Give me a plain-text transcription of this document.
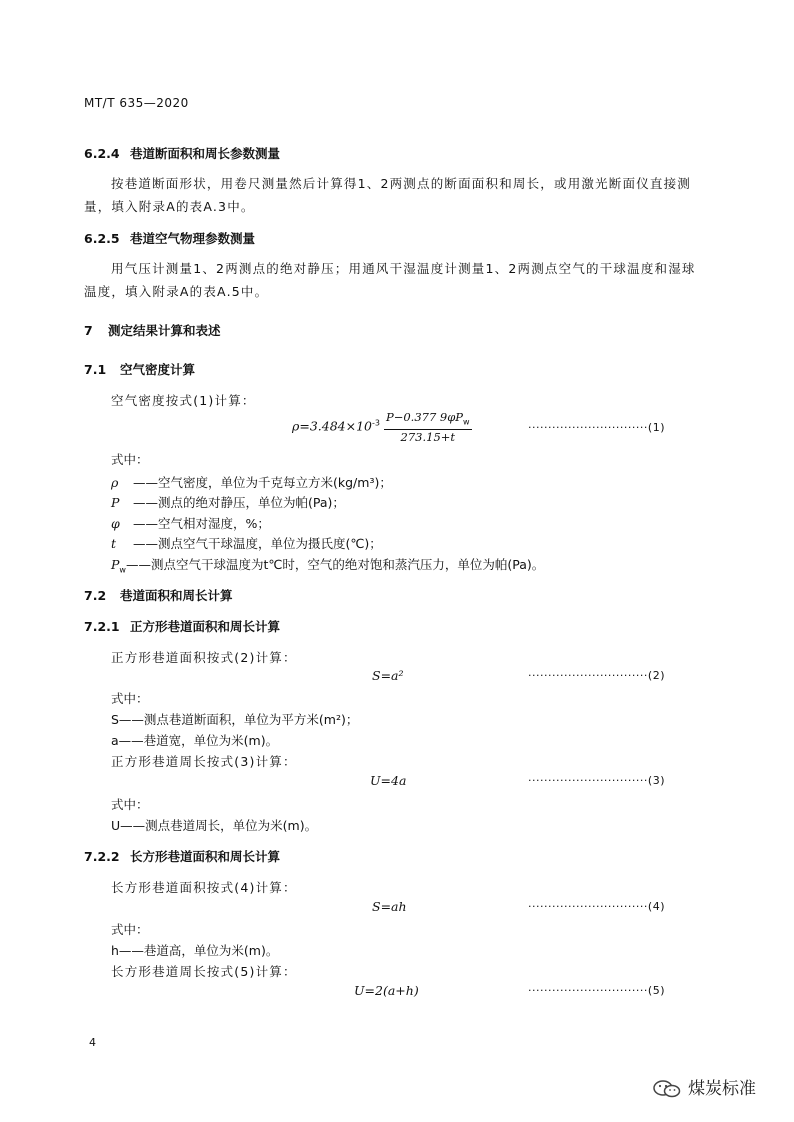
MT/T 635—2020
6.2.4 巷道断面积和周长参数测量
按巷道断面形状，用卷尺测量然后计算得1、2两测点的断面面积和周长，或用激光断面仪直接测
量，填入附录A的表A.3中。
6.2.5 巷道空气物理参数测量
用气压计测量1、2两测点的绝对静压；用通风干湿温度计测量1、2两测点空气的干球温度和湿球
温度，填入附录A的表A.5中。
7 测定结果计算和表述
7.1 空气密度计算
空气密度按式(1)计算：
$\rho=3.484\times 10^{-3} \frac{P-0.377 9\varphi P_w}{273.15+t}$	······························(1)
式中：
ρ ——空气密度，单位为千克每立方米(kg/m³)；
P ——测点的绝对静压，单位为帕(Pa)；
φ ——空气相对湿度，%；
t ——测点空气干球温度，单位为摄氏度(℃)；
$P_w——$测点空气干球温度为t℃时，空气的绝对饱和蒸汽压力，单位为帕(Pa)。
7.2 巷道面积和周长计算
7.2.1 正方形巷道面积和周长计算
正方形巷道面积按式(2)计算：
S=a²	······························(2)
式中：
S——测点巷道断面积，单位为平方米(m²)；
a——巷道宽，单位为米(m)。
正方形巷道周长按式(3)计算：
U=4a	······························(3)
式中：
U——测点巷道周长，单位为米(m)。
7.2.2 长方形巷道面积和周长计算
长方形巷道面积按式(4)计算：
S=ah	······························(4)
式中：
h——巷道高，单位为米(m)。
长方形巷道周长按式(5)计算：
U=2(a+h)	······························(5)
4
煤炭标准
